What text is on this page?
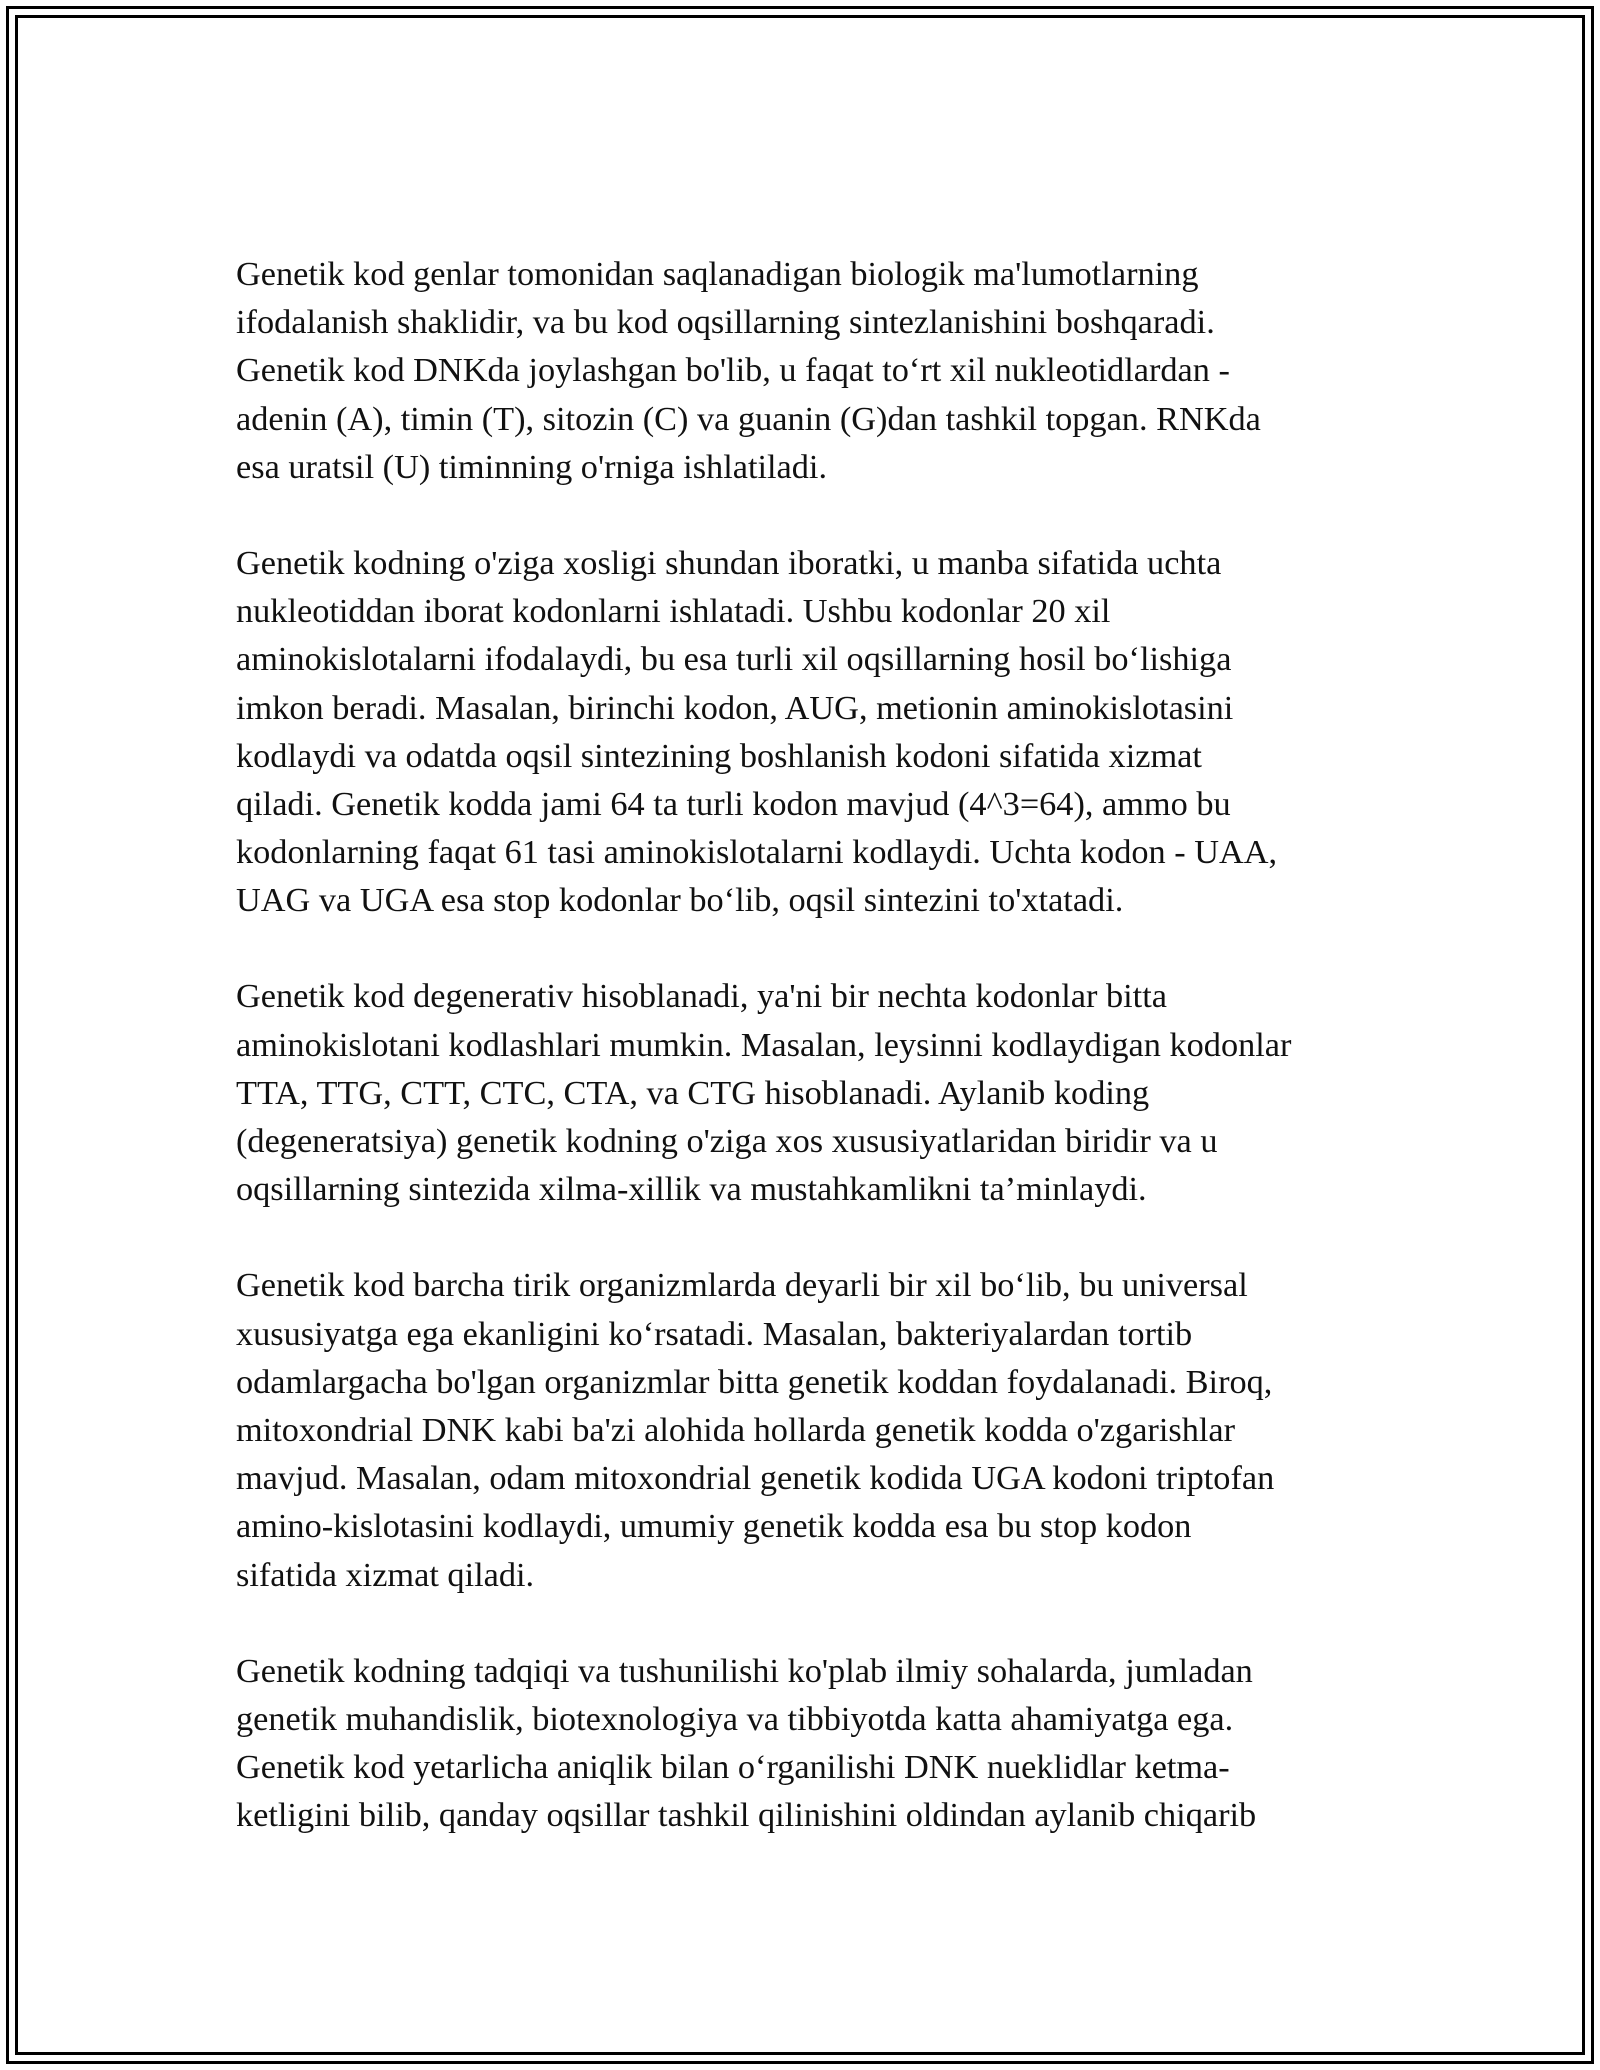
Genetik kod genlar tomonidan saqlanadigan biologik ma'lumotlarning
ifodalanish shaklidir, va bu kod oqsillarning sintezlanishini boshqaradi.
Genetik kod DNKda joylashgan bo'lib, u faqat to‘rt xil nukleotidlardan -
adenin (A), timin (T), sitozin (C) va guanin (G)dan tashkil topgan. RNKda
esa uratsil (U) timinning o'rniga ishlatiladi.

Genetik kodning o'ziga xosligi shundan iboratki, u manba sifatida uchta
nukleotiddan iborat kodonlarni ishlatadi. Ushbu kodonlar 20 xil
aminokislotalarni ifodalaydi, bu esa turli xil oqsillarning hosil bo‘lishiga
imkon beradi. Masalan, birinchi kodon, AUG, metionin aminokislotasini
kodlaydi va odatda oqsil sintezining boshlanish kodoni sifatida xizmat
qiladi. Genetik kodda jami 64 ta turli kodon mavjud (4^3=64), ammo bu
kodonlarning faqat 61 tasi aminokislotalarni kodlaydi. Uchta kodon - UAA,
UAG va UGA esa stop kodonlar bo‘lib, oqsil sintezini to'xtatadi.

Genetik kod degenerativ hisoblanadi, ya'ni bir nechta kodonlar bitta
aminokislotani kodlashlari mumkin. Masalan, leysinni kodlaydigan kodonlar
TTA, TTG, CTT, CTC, CTA, va CTG hisoblanadi. Aylanib koding
(degeneratsiya) genetik kodning o'ziga xos xususiyatlaridan biridir va u
oqsillarning sintezida xilma-xillik va mustahkamlikni ta’minlaydi.

Genetik kod barcha tirik organizmlarda deyarli bir xil bo‘lib, bu universal
xususiyatga ega ekanligini ko‘rsatadi. Masalan, bakteriyalardan tortib
odamlargacha bo'lgan organizmlar bitta genetik koddan foydalanadi. Biroq,
mitoxondrial DNK kabi ba'zi alohida hollarda genetik kodda o'zgarishlar
mavjud. Masalan, odam mitoxondrial genetik kodida UGA kodoni triptofan
amino-kislotasini kodlaydi, umumiy genetik kodda esa bu stop kodon
sifatida xizmat qiladi.

Genetik kodning tadqiqi va tushunilishi ko'plab ilmiy sohalarda, jumladan
genetik muhandislik, biotexnologiya va tibbiyotda katta ahamiyatga ega.
Genetik kod yetarlicha aniqlik bilan o‘rganilishi DNK nueklidlar ketma-
ketligini bilib, qanday oqsillar tashkil qilinishini oldindan aylanib chiqarib
